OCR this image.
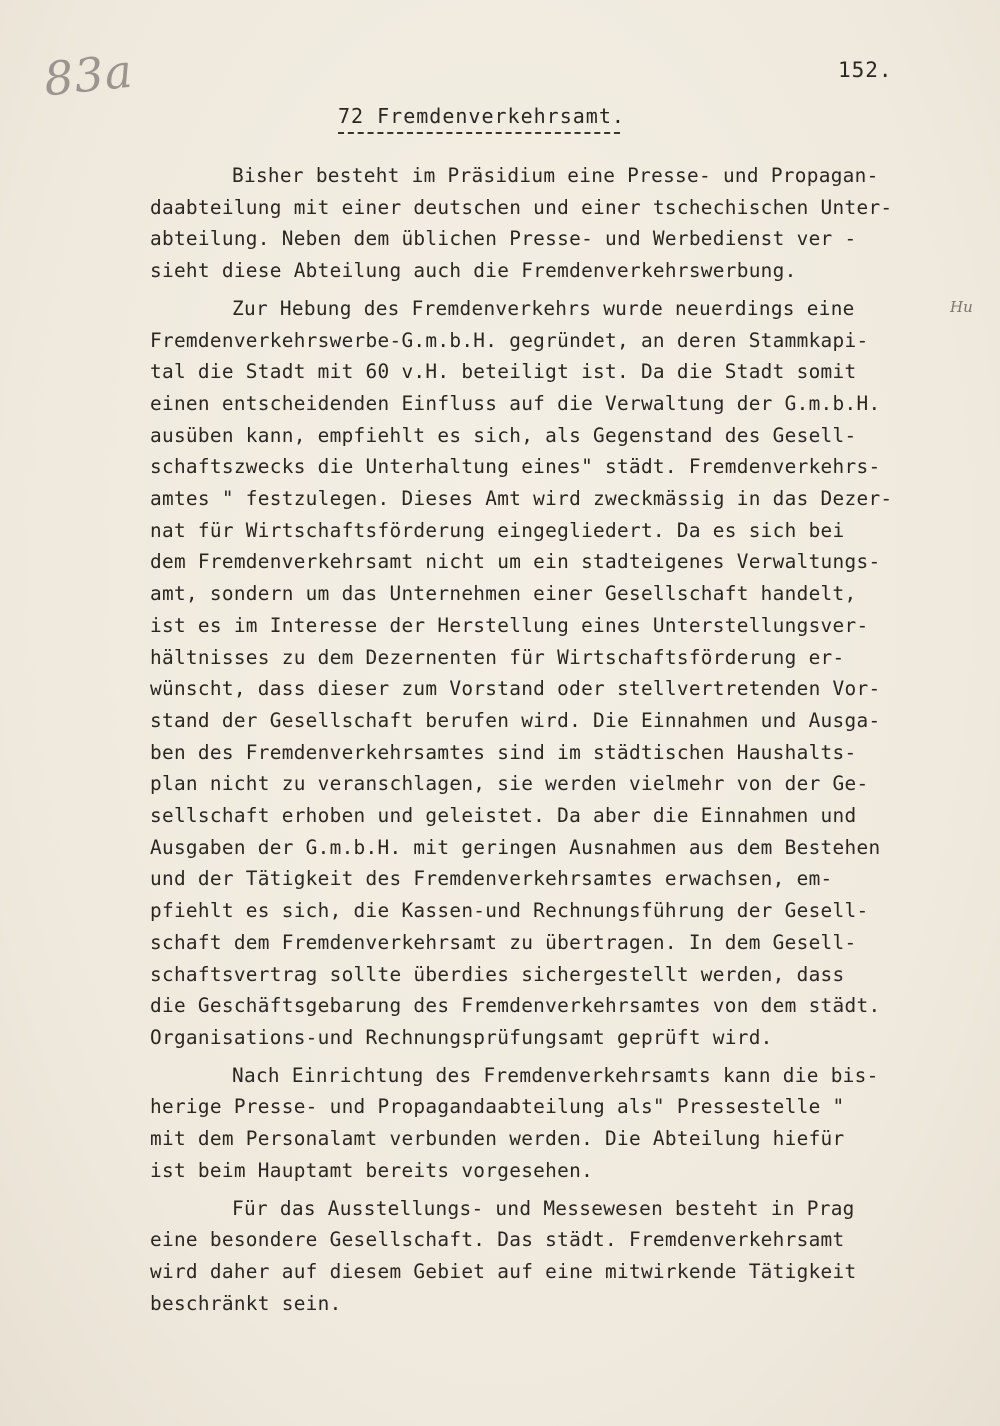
83a	152.
72 Fremdenverkehrsamt.
Hu
Bisher besteht im Präsidium eine Presse- und Propagan-
daabteilung mit einer deutschen und einer tschechischen Unter-
abteilung. Neben dem üblichen Presse- und Werbedienst ver -
sieht diese Abteilung auch die Fremdenverkehrswerbung.
Zur Hebung des Fremdenverkehrs wurde neuerdings eine
Fremdenverkehrswerbe-G.m.b.H. gegründet, an deren Stammkapi-
tal die Stadt mit 60 v.H. beteiligt ist. Da die Stadt somit
einen entscheidenden Einfluss auf die Verwaltung der G.m.b.H.
ausüben kann, empfiehlt es sich, als Gegenstand des Gesell-
schaftszwecks die Unterhaltung eines" städt. Fremdenverkehrs-
amtes " festzulegen. Dieses Amt wird zweckmässig in das Dezer-
nat für Wirtschaftsförderung eingegliedert. Da es sich bei
dem Fremdenverkehrsamt nicht um ein stadteigenes Verwaltungs-
amt, sondern um das Unternehmen einer Gesellschaft handelt,
ist es im Interesse der Herstellung eines Unterstellungsver-
hältnisses zu dem Dezernenten für Wirtschaftsförderung er-
wünscht, dass dieser zum Vorstand oder stellvertretenden Vor-
stand der Gesellschaft berufen wird. Die Einnahmen und Ausga-
ben des Fremdenverkehrsamtes sind im städtischen Haushalts-
plan nicht zu veranschlagen, sie werden vielmehr von der Ge-
sellschaft erhoben und geleistet. Da aber die Einnahmen und
Ausgaben der G.m.b.H. mit geringen Ausnahmen aus dem Bestehen
und der Tätigkeit des Fremdenverkehrsamtes erwachsen, em-
pfiehlt es sich, die Kassen-und Rechnungsführung der Gesell-
schaft dem Fremdenverkehrsamt zu übertragen. In dem Gesell-
schaftsvertrag sollte überdies sichergestellt werden, dass
die Geschäftsgebarung des Fremdenverkehrsamtes von dem städt.
Organisations-und Rechnungsprüfungsamt geprüft wird.
Nach Einrichtung des Fremdenverkehrsamts kann die bis-
herige Presse- und Propagandaabteilung als" Pressestelle "
mit dem Personalamt verbunden werden. Die Abteilung hiefür
ist beim Hauptamt bereits vorgesehen.
Für das Ausstellungs- und Messewesen besteht in Prag
eine besondere Gesellschaft. Das städt. Fremdenverkehrsamt
wird daher auf diesem Gebiet auf eine mitwirkende Tätigkeit
beschränkt sein.
